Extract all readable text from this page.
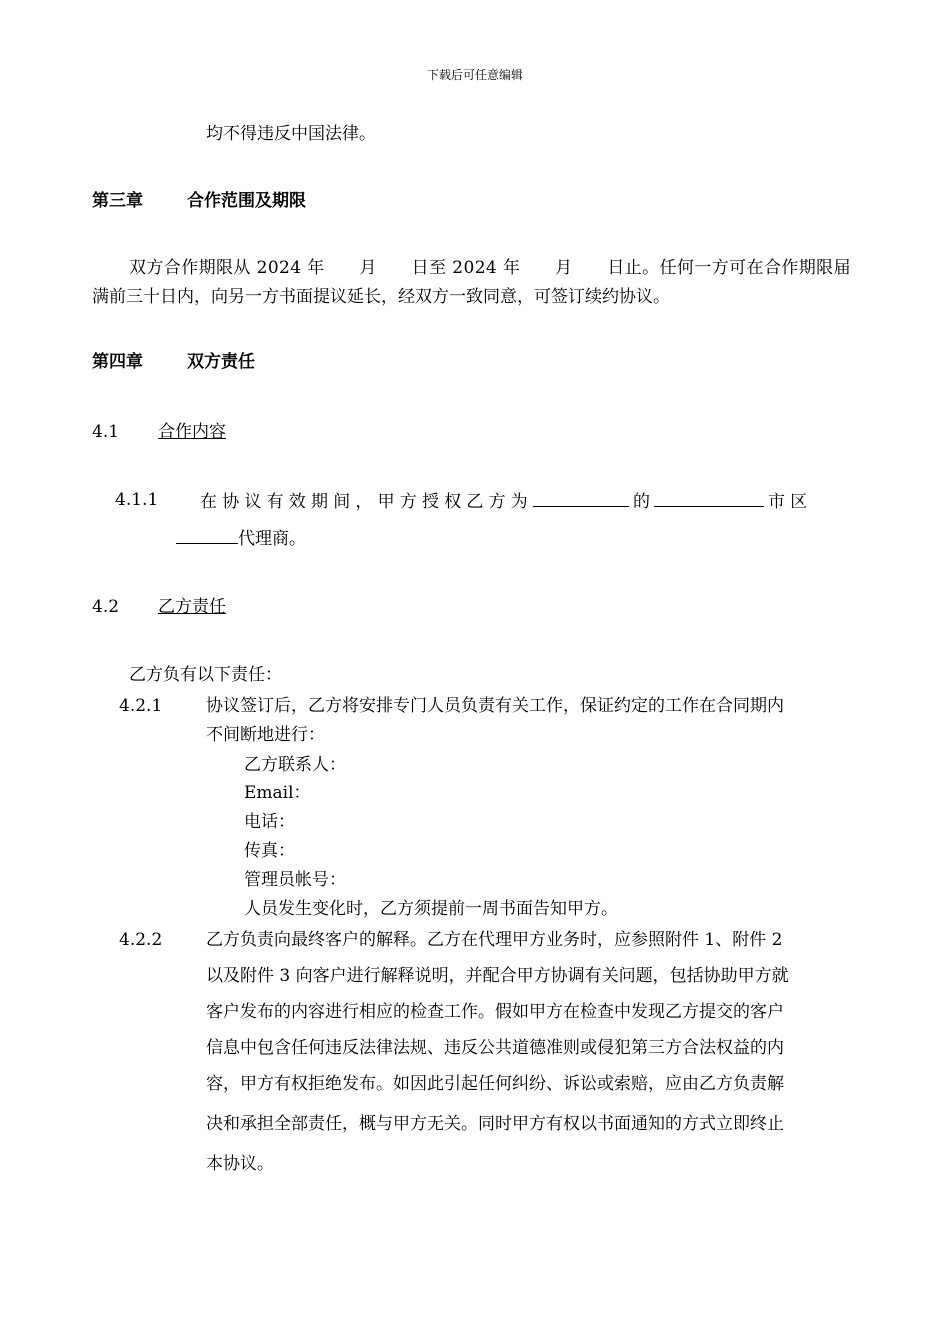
下载后可任意编辑
均不得违反中国法律。
第三章	合作范围及期限
双方合作期限从 2024 年　　月　　日至 2024 年　　月　　日止。任何一方可在合作期限届
满前三十日内，向另一方书面提议延长，经双方一致同意，可签订续约协议。
第四章	双方责任
4.1 合作内容
4.1.1 在协议有效期间，甲方授权乙方为	的	市区
代理商。
4.2 乙方责任
乙方负有以下责任：
4.2.1	协议签订后，乙方将安排专门人员负责有关工作，保证约定的工作在合同期内
不间断地进行：
乙方联系人：
Email：
电话：
传真：
管理员帐号：
人员发生变化时，乙方须提前一周书面告知甲方。
4.2.2	乙方负责向最终客户的解释。乙方在代理甲方业务时，应参照附件 1、附件 2
以及附件 3 向客户进行解释说明，并配合甲方协调有关问题，包括协助甲方就
客户发布的内容进行相应的检查工作。假如甲方在检查中发现乙方提交的客户
信息中包含任何违反法律法规、违反公共道德准则或侵犯第三方合法权益的内
容，甲方有权拒绝发布。如因此引起任何纠纷、诉讼或索赔，应由乙方负责解
决和承担全部责任，概与甲方无关。同时甲方有权以书面通知的方式立即终止
本协议。
